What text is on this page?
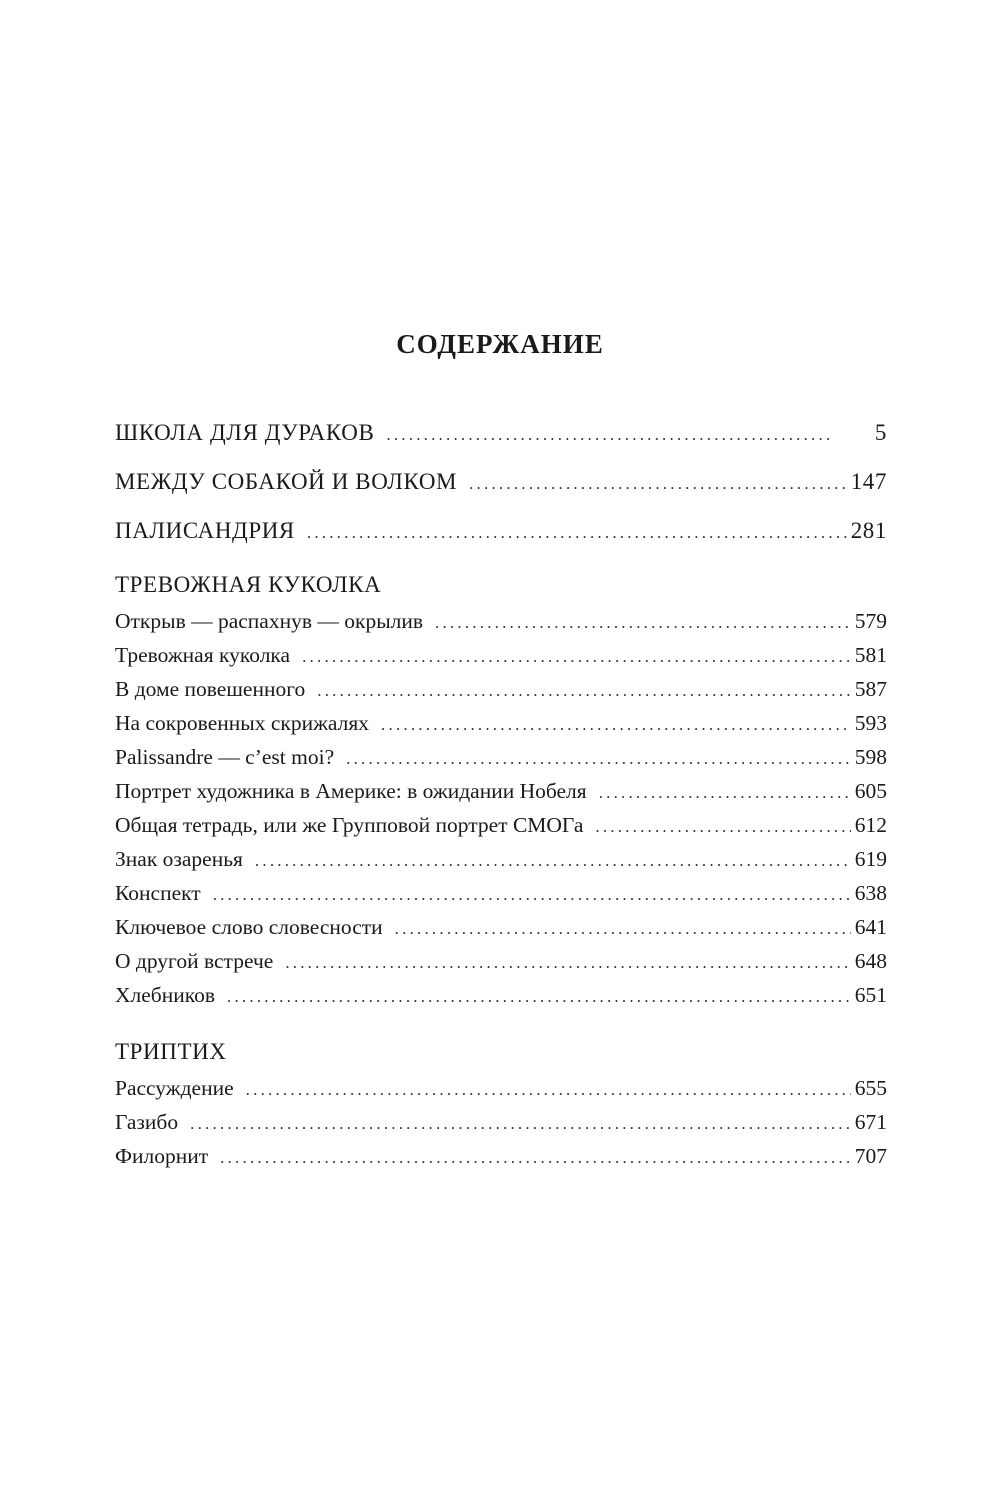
СОДЕРЖАНИЕ
ШКОЛА ДЛЯ ДУРАКОВ .....	5
МЕЖДУ СОБАКОЙ И ВОЛКОМ .....	147
ПАЛИСАНДРИЯ .....	281
ТРЕВОЖНАЯ КУКОЛКА
Открыв — распахнув — окрылив .....	579
Тревожная куколка .....	581
В доме повешенного .....	587
На сокровенных скрижалях .....	593
Palissandre — c’est moi? .....	598
Портрет художника в Америке: в ожидании Нобеля .....	605
Общая тетрадь, или же Групповой портрет СМОГа .....	612
Знак озаренья .....	619
Конспект .....	638
Ключевое слово словесности .....	641
О другой встрече .....	648
Хлебников .....	651
ТРИПТИХ
Рассуждение .....	655
Газибо .....	671
Филорнит .....	707
